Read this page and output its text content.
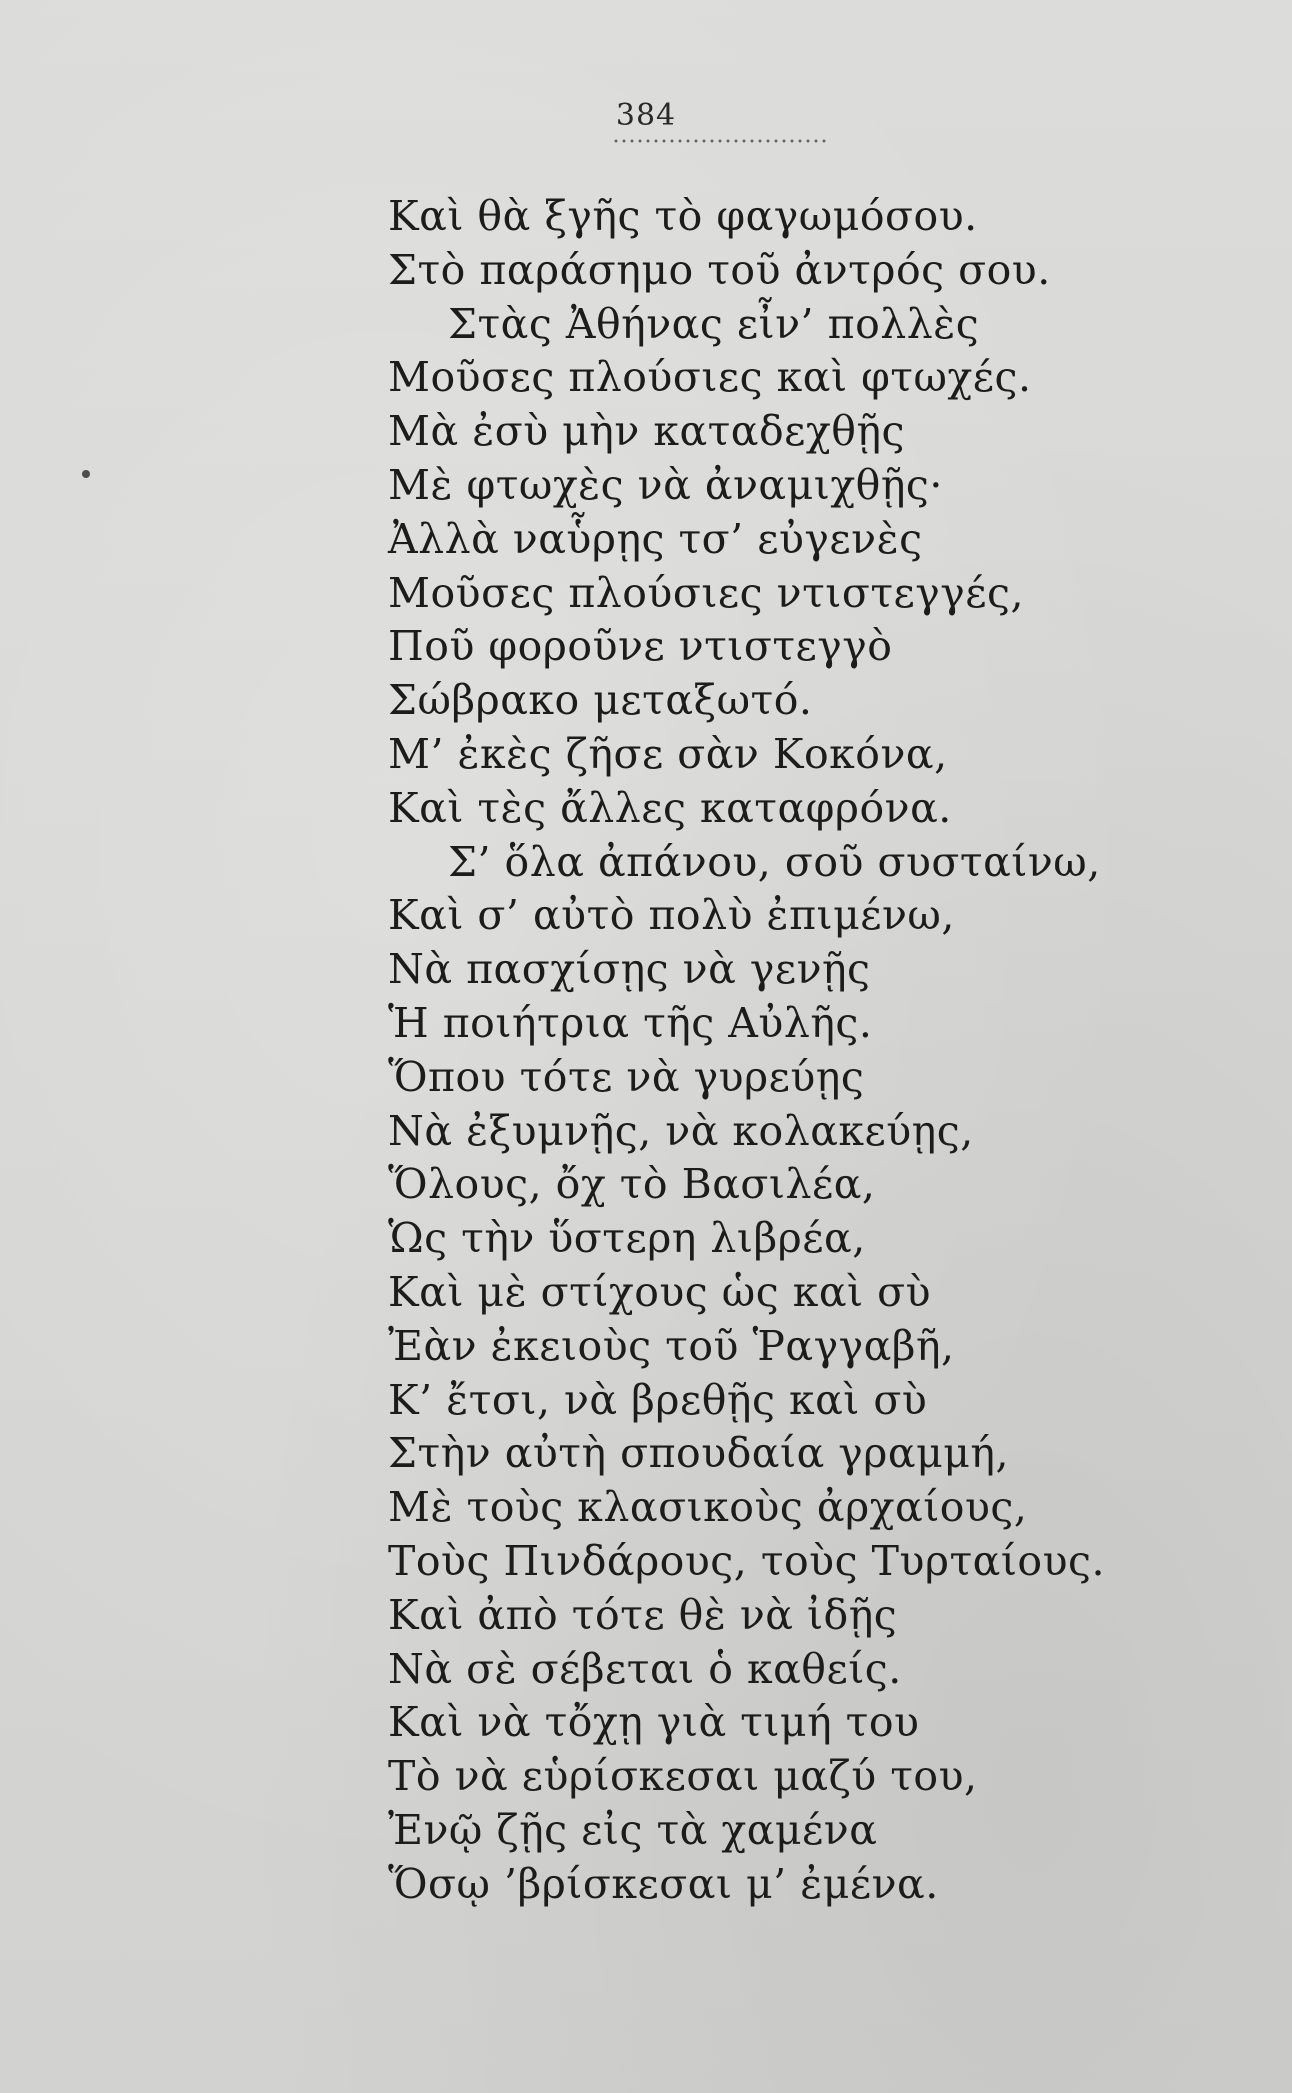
384
Καὶ θὰ ξγῆς τὸ φαγωμόσου.
Στὸ παράσημο τοῦ ἀντρός σου.
Στὰς Ἀθήνας εἶν’ πολλὲς
Μοῦσες πλούσιες καὶ φτωχές.
Μὰ ἐσὺ μὴν καταδεχθῇς
Μὲ φτωχὲς νὰ ἀναμιχθῇς·
Ἀλλὰ ναὗρῃς τσ’ εὐγενὲς
Μοῦσες πλούσιες ντιστεγγές,
Ποῦ φοροῦνε ντιστεγγὸ
Σώβρακο μεταξωτό.
Μ’ ἐκὲς ζῆσε σὰν Κοκόνα,
Καὶ τὲς ἄλλες καταφρόνα.
Σ’ ὅλα ἀπάνου, σοῦ συσταίνω,
Καὶ σ’ αὐτὸ πολὺ ἐπιμένω,
Νὰ πασχίσῃς νὰ γενῇς
Ἡ ποιήτρια τῆς Αὐλῆς.
Ὅπου τότε νὰ γυρεύῃς
Νὰ ἐξυμνῇς, νὰ κολακεύῃς,
Ὅλους, ὄχ τὸ Βασιλέα,
Ὡς τὴν ὕστερη λιβρέα,
Καὶ μὲ στίχους ὡς καὶ σὺ
Ἐὰν ἐκειοὺς τοῦ Ῥαγγαβῆ,
Κ’ ἔτσι, νὰ βρεθῇς καὶ σὺ
Στὴν αὐτὴ σπουδαία γραμμή,
Μὲ τοὺς κλασικοὺς ἀρχαίους,
Τοὺς Πινδάρους, τοὺς Τυρταίους.
Καὶ ἀπὸ τότε θὲ νὰ ἰδῇς
Νὰ σὲ σέβεται ὁ καθείς.
Καὶ νὰ τὄχῃ γιὰ τιμή του
Τὸ νὰ εὑρίσκεσαι μαζύ του,
Ἐνῷ ζῇς εἰς τὰ χαμένα
Ὅσῳ ’βρίσκεσαι μ’ ἐμένα.
